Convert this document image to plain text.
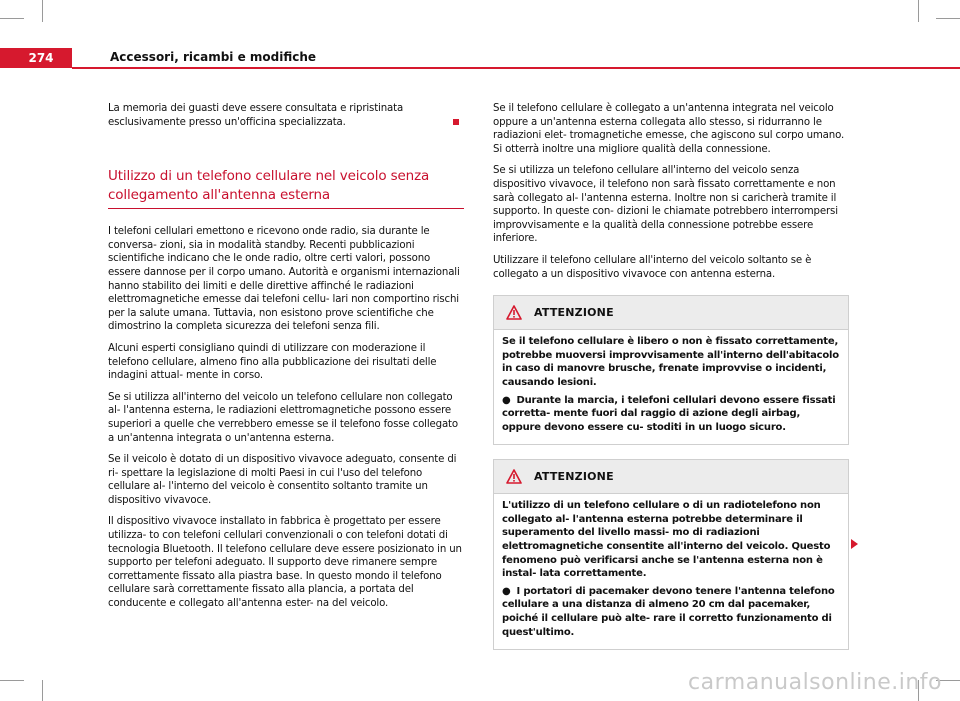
274	Accessori, ricambi e modifiche

La memoria dei guasti deve essere consultata e ripristinata esclusivamente presso un'officina specializzata.

Utilizzo di un telefono cellulare nel veicolo senza collegamento all'antenna esterna

I telefoni cellulari emettono e ricevono onde radio, sia durante le conversa- zioni, sia in modalità standby. Recenti pubblicazioni scientifiche indicano che le onde radio, oltre certi valori, possono essere dannose per il corpo umano. Autorità e organismi internazionali hanno stabilito dei limiti e delle direttive affinché le radiazioni elettromagnetiche emesse dai telefoni cellu- lari non comportino rischi per la salute umana. Tuttavia, non esistono prove scientifiche che dimostrino la completa sicurezza dei telefoni senza fili.

Alcuni esperti consigliano quindi di utilizzare con moderazione il telefono cellulare, almeno fino alla pubblicazione dei risultati delle indagini attual- mente in corso.

Se si utilizza all'interno del veicolo un telefono cellulare non collegato al- l'antenna esterna, le radiazioni elettromagnetiche possono essere superiori a quelle che verrebbero emesse se il telefono fosse collegato a un'antenna integrata o un'antenna esterna.

Se il veicolo è dotato di un dispositivo vivavoce adeguato, consente di ri- spettare la legislazione di molti Paesi in cui l'uso del telefono cellulare al- l'interno del veicolo è consentito soltanto tramite un dispositivo vivavoce.

Il dispositivo vivavoce installato in fabbrica è progettato per essere utilizza- to con telefoni cellulari convenzionali o con telefoni dotati di tecnologia Bluetooth. Il telefono cellulare deve essere posizionato in un supporto per telefoni adeguato. Il supporto deve rimanere sempre correttamente fissato alla piastra base. In questo mondo il telefono cellulare sarà correttamente fissato alla plancia, a portata del conducente e collegato all'antenna ester- na del veicolo.

Se il telefono cellulare è collegato a un'antenna integrata nel veicolo oppure a un'antenna esterna collegata allo stesso, si ridurranno le radiazioni elet- tromagnetiche emesse, che agiscono sul corpo umano. Si otterrà inoltre una migliore qualità della connessione.

Se si utilizza un telefono cellulare all'interno del veicolo senza dispositivo vivavoce, il telefono non sarà fissato correttamente e non sarà collegato al- l'antenna esterna. Inoltre non si caricherà tramite il supporto. In queste con- dizioni le chiamate potrebbero interrompersi improvvisamente e la qualità della connessione potrebbe essere inferiore.

Utilizzare il telefono cellulare all'interno del veicolo soltanto se è collegato a un dispositivo vivavoce con antenna esterna.

ATTENZIONE

Se il telefono cellulare è libero o non è fissato correttamente, potrebbe muoversi improvvisamente all'interno dell'abitacolo in caso di manovre brusche, frenate improvvise o incidenti, causando lesioni.

● Durante la marcia, i telefoni cellulari devono essere fissati corretta- mente fuori dal raggio di azione degli airbag, oppure devono essere cu- stoditi in un luogo sicuro.

ATTENZIONE

L'utilizzo di un telefono cellulare o di un radiotelefono non collegato al- l'antenna esterna potrebbe determinare il superamento del livello massi- mo di radiazioni elettromagnetiche consentite all'interno del veicolo. Questo fenomeno può verificarsi anche se l'antenna esterna non è instal- lata correttamente.

● I portatori di pacemaker devono tenere l'antenna telefono cellulare a una distanza di almeno 20 cm dal pacemaker, poiché il cellulare può alte- rare il corretto funzionamento di quest'ultimo.

carmanualsonline.info
